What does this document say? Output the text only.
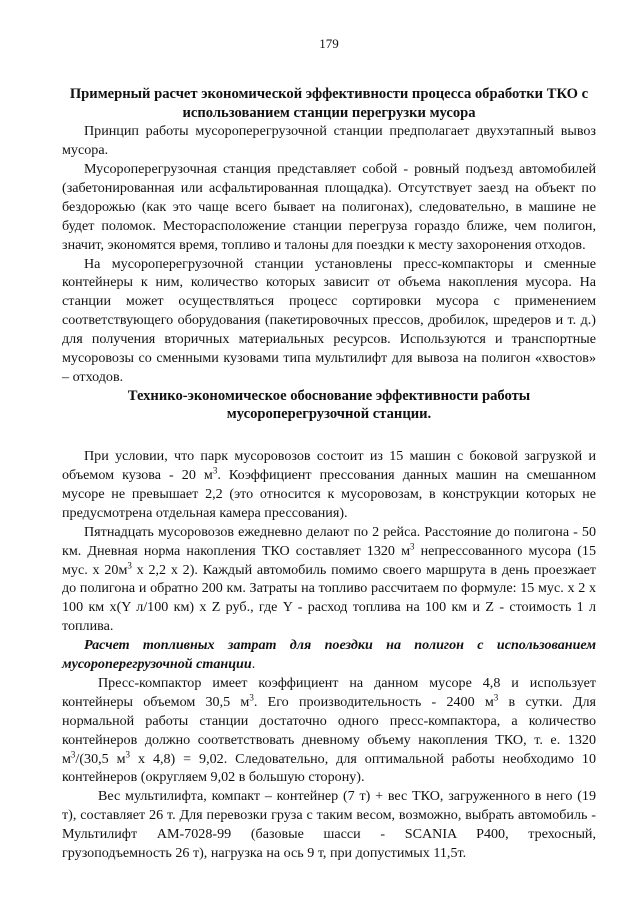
179
Примерный расчет экономической эффективности процесса обработки ТКО с использованием станции перегрузки мусора

Принцип работы мусороперегрузочной станции предполагает двухэтапный вывоз мусора.

Мусороперегрузочная станция представляет собой - ровный подъезд автомобилей (забетонированная или асфальтированная площадка). Отсутствует заезд на объект по бездорожью (как это чаще всего бывает на полигонах), следовательно, в машине не будет поломок. Месторасположение станции перегруза гораздо ближе, чем полигон, значит, экономятся время, топливо и талоны для поездки к месту захоронения отходов.

На мусороперегрузочной станции установлены пресс-компакторы и сменные контейнеры к ним, количество которых зависит от объема накопления мусора. На станции может осуществляться процесс сортировки мусора с применением соответствующего оборудования (пакетировочных прессов, дробилок, шредеров и т. д.) для получения вторичных материальных ресурсов. Используются и транспортные мусоровозы со сменными кузовами типа мультилифт для вывоза на полигон «хвостов» – отходов.

Технико-экономическое обоснование эффективности работы мусороперегрузочной станции.

При условии, что парк мусоровозов состоит из 15 машин с боковой загрузкой и объемом кузова - 20 $м^3$. Коэффициент прессования данных машин на смешанном мусоре не превышает 2,2 (это относится к мусоровозам, в конструкции которых не предусмотрена отдельная камера прессования).

Пятнадцать мусоровозов ежедневно делают по 2 рейса. Расстояние до полигона - 50 км. Дневная норма накопления ТКО составляет 1320 $м^3$ непрессованного мусора (15 мус. х $20м^3$ х 2,2 х 2). Каждый автомобиль помимо своего маршрута в день проезжает до полигона и обратно 200 км. Затраты на топливо рассчитаем по формуле: 15 мус. х 2 х 100 км х(Y л/100 км) х Z руб., где Y - расход топлива на 100 км и Z - стоимость 1 л топлива.

Расчет топливных затрат для поездки на полигон с использованием мусороперегрузочной станции.

Пресс-компактор имеет коэффициент на данном мусоре 4,8 и использует контейнеры объемом 30,5 $м^3$. Его производительность - 2400 $м^3$ в сутки. Для нормальной работы станции достаточно одного пресс-компактора, а количество контейнеров должно соответствовать дневному объему накопления ТКО, т. е. 1320 $м^3/(30,5$ $м^3$ х 4,8) = 9,02. Следовательно, для оптимальной работы необходимо 10 контейнеров (округляем 9,02 в большую сторону).

Вес мультилифта, компакт – контейнер (7 т) + вес ТКО, загруженного в него (19 т), составляет 26 т. Для перевозки груза с таким весом, возможно, выбрать автомобиль - Мультилифт АМ-7028-99 (базовые шасси - SCANIA P400, трехосный, грузоподъемность 26 т), нагрузка на ось 9 т, при допустимых 11,5т.
